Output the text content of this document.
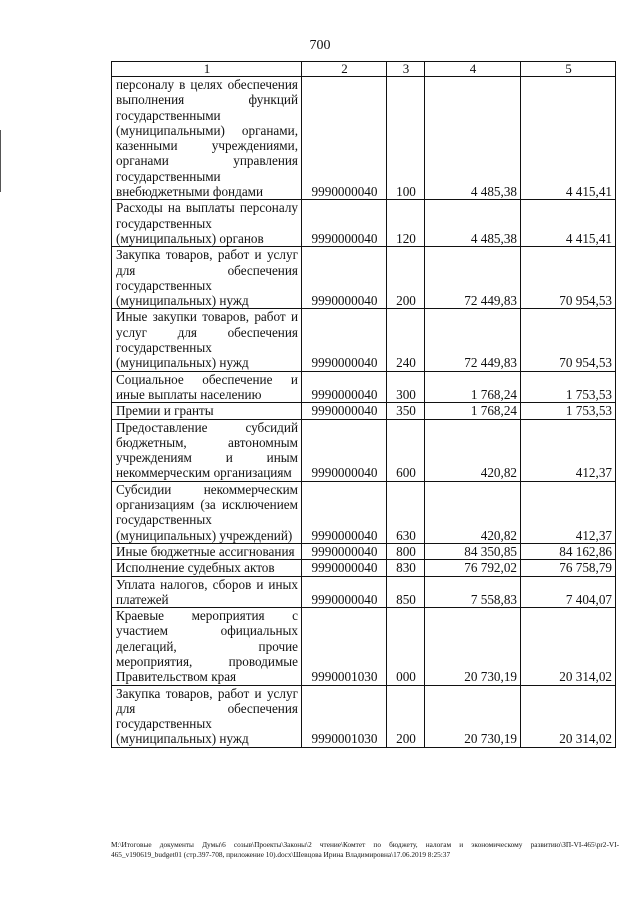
700
1	2	3	4	5
персоналу в целях обеспечения выполнения функций государственными (муниципальными) органами, казенными учреждениями, органами управления государственными внебюджетными фондами	9990000040	100	4 485,38	4 415,41
Расходы на выплаты персоналу государственных (муниципальных) органов	9990000040	120	4 485,38	4 415,41
Закупка товаров, работ и услуг для обеспечения государственных (муниципальных) нужд	9990000040	200	72 449,83	70 954,53
Иные закупки товаров, работ и услуг для обеспечения государственных (муниципальных) нужд	9990000040	240	72 449,83	70 954,53
Социальное обеспечение и иные выплаты населению	9990000040	300	1 768,24	1 753,53
Премии и гранты	9990000040	350	1 768,24	1 753,53
Предоставление субсидий бюджетным, автономным учреждениям и иным некоммерческим организациям	9990000040	600	420,82	412,37
Субсидии некоммерческим организациям (за исключением государственных (муниципальных) учреждений)	9990000040	630	420,82	412,37
Иные бюджетные ассигнования	9990000040	800	84 350,85	84 162,86
Исполнение судебных актов	9990000040	830	76 792,02	76 758,79
Уплата налогов, сборов и иных платежей	9990000040	850	7 558,83	7 404,07
Краевые мероприятия с участием официальных делегаций, прочие мероприятия, проводимые Правительством края	9990001030	000	20 730,19	20 314,02
Закупка товаров, работ и услуг для обеспечения государственных (муниципальных) нужд	9990001030	200	20 730,19	20 314,02
М:\Итоговые документы Думы\6 созыв\Проекты\Законы\2 чтение\Комтет по бюджету, налогам и экономическому развитию\ЗП-VI-465\pr2-VI-465_v190619_budget01 (стр.397-708, приложение 10).docx\Шевцова Ирина Владимировна\17.06.2019 8:25:37
